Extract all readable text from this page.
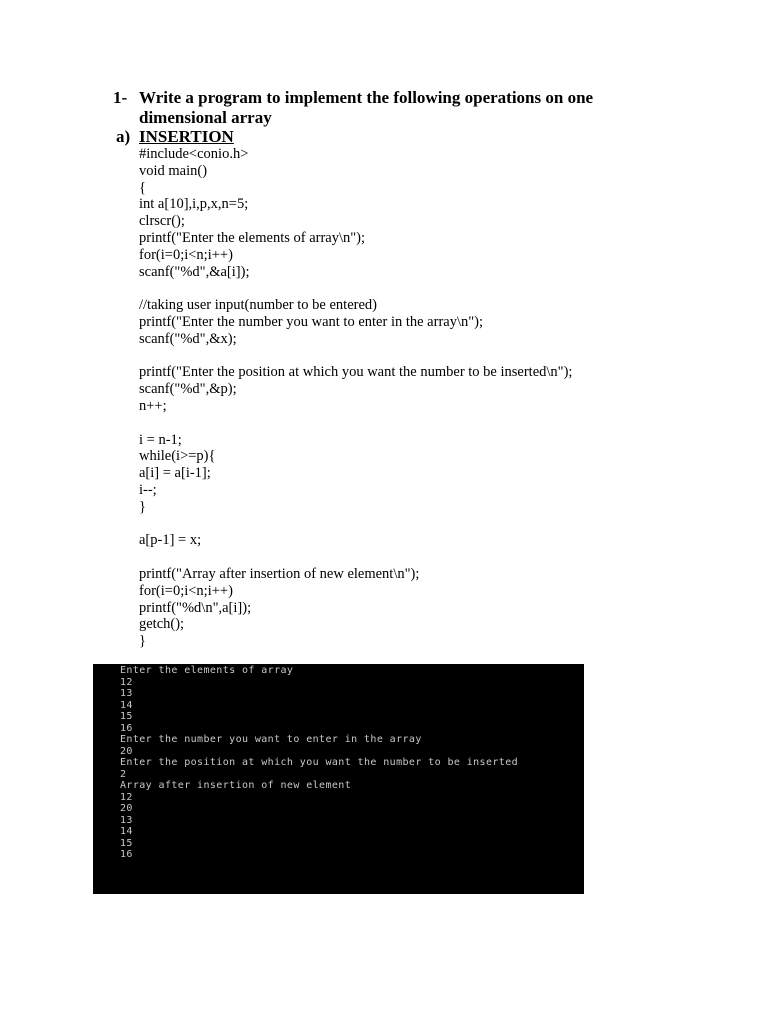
1- Write a program to implement the following operations on one
dimensional array
a) INSERTION
#include<conio.h>
void main()
{
int a[10],i,p,x,n=5;
clrscr();
printf("Enter the elements of array\n");
for(i=0;i<n;i++)
scanf("%d",&a[i]);
//taking user input(number to be entered)
printf("Enter the number you want to enter in the array\n");
scanf("%d",&x);
printf("Enter the position at which you want the number to be inserted\n");
scanf("%d",&p);
n++;
i = n-1;
while(i>=p){
a[i] = a[i-1];
i--;
}
a[p-1] = x;
printf("Array after insertion of new element\n");
for(i=0;i<n;i++)
printf("%d\n",a[i]);
getch();
}
Enter the elements of array
12
13
14
15
16
Enter the number you want to enter in the array
20
Enter the position at which you want the number to be inserted
2
Array after insertion of new element
12
20
13
14
15
16
